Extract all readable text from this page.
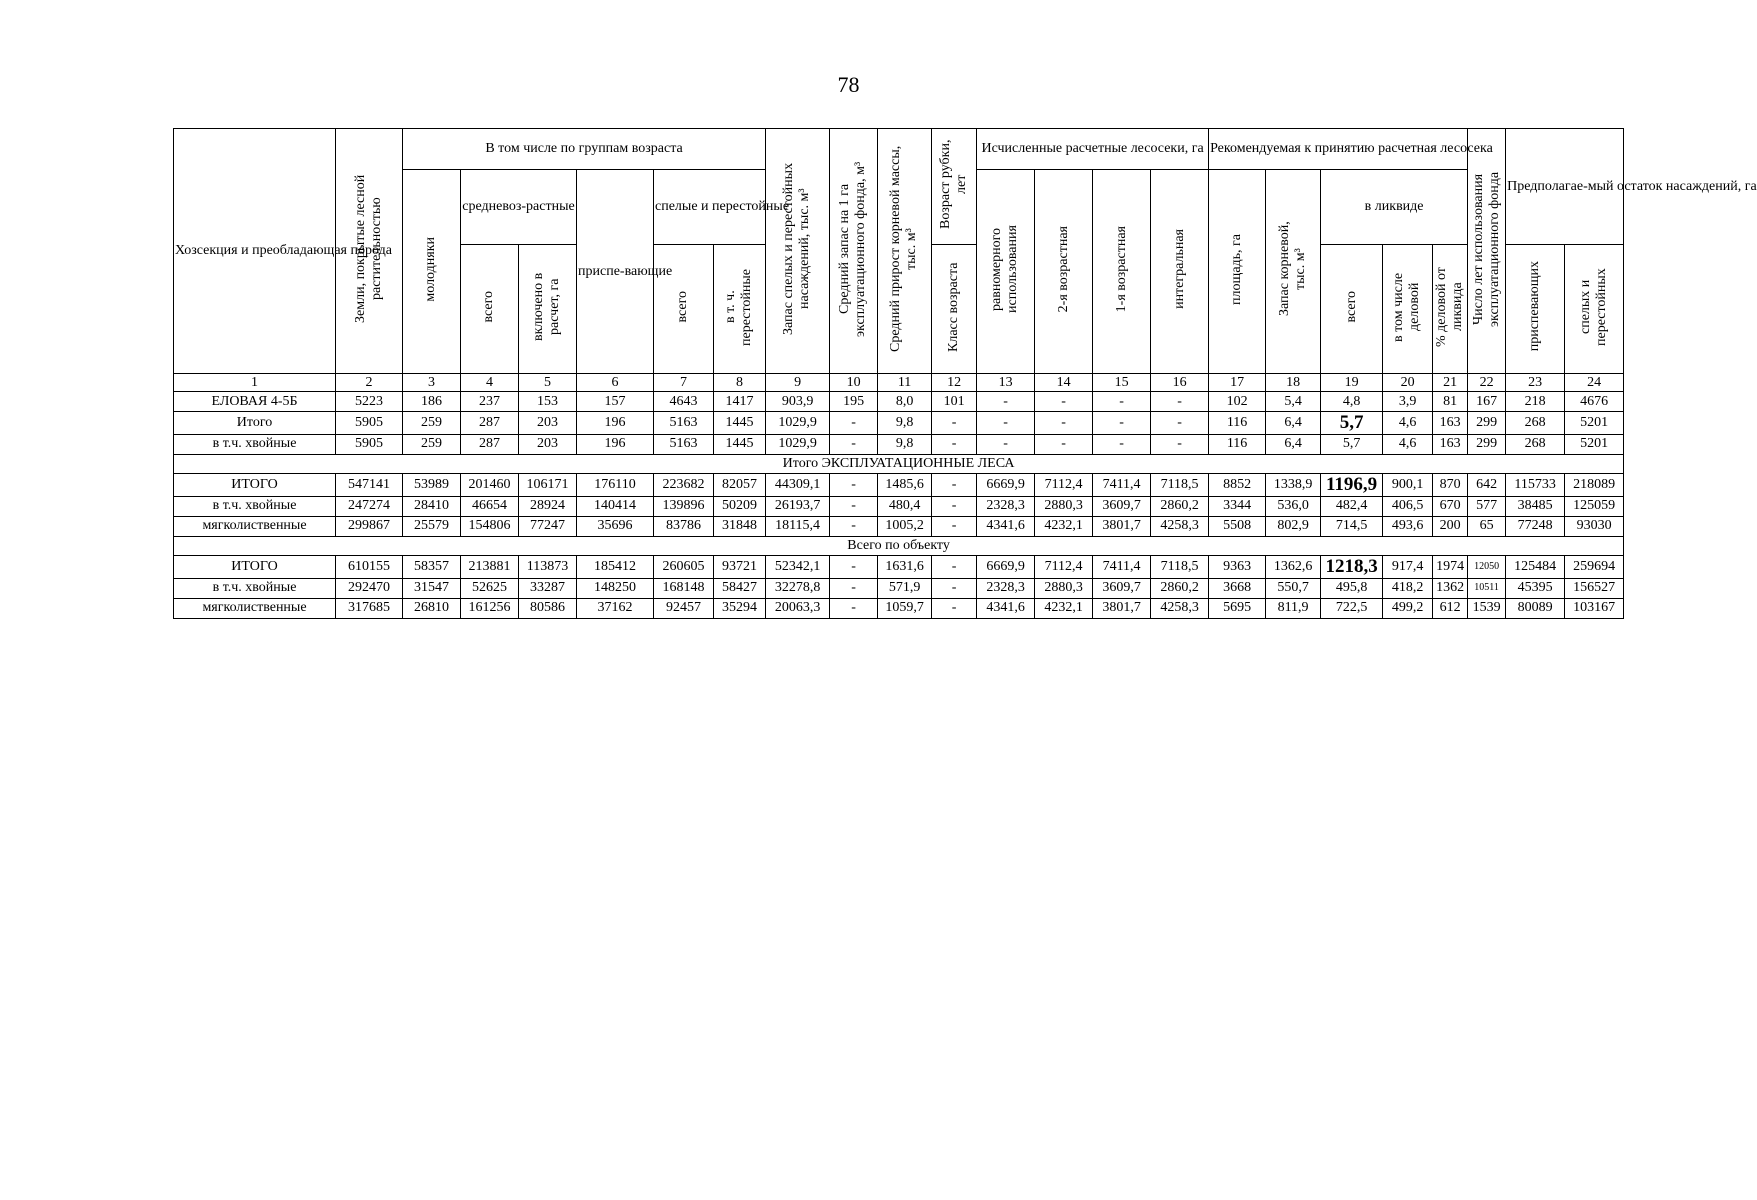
78
Хозсекция и преобладающая порода	Земли, покрытые лесной растительностью	В том числе по группам возраста						Запас спелых и перестойных насаждений, тыс. м³	Средний запас на 1 га эксплуатационного фонда, м³	Средний прирост корневой массы, тыс. м³	Возраст рубки, лет	Исчисленные расчетные лесосеки, га				Рекомендуемая к принятию расчетная лесосека					Число лет использования эксплуатационного фонда	Предполагае-мый остаток насаждений, га	
		молодняки	средневоз-растные		приспе-вающие	спелые и перестойные						равномерного использования	2-я возрастная	1-я возрастная	интегральная	площадь, га	Запас корневой, тыс. м³	в ликвиде					
			всего	включено в расчет, га		всего	в т. ч. перестойные				Класс возраста							всего	в том числе деловой	% деловой от ликвида		приспевающих	спелых и перестойных
1	2	3	4	5	6	7	8	9	10	11	12	13	14	15	16	17	18	19	20	21	22	23	24
ЕЛОВАЯ 4-5Б	5223	186	237	153	157	4643	1417	903,9	195	8,0	101	-	-	-	-	102	5,4	4,8	3,9	81	167	218	4676
Итого	5905	259	287	203	196	5163	1445	1029,9	-	9,8	-	-	-	-	-	116	6,4	5,7	4,6	163	299	268	5201
в т.ч. хвойные	5905	259	287	203	196	5163	1445	1029,9	-	9,8	-	-	-	-	-	116	6,4	5,7	4,6	163	299	268	5201
Итого ЭКСПЛУАТАЦИОННЫЕ ЛЕСА																							
ИТОГО	547141	53989	201460	106171	176110	223682	82057	44309,1	-	1485,6	-	6669,9	7112,4	7411,4	7118,5	8852	1338,9	1196,9	900,1	870	642	115733	218089
в т.ч. хвойные	247274	28410	46654	28924	140414	139896	50209	26193,7	-	480,4	-	2328,3	2880,3	3609,7	2860,2	3344	536,0	482,4	406,5	670	577	38485	125059
мягколиственные	299867	25579	154806	77247	35696	83786	31848	18115,4	-	1005,2	-	4341,6	4232,1	3801,7	4258,3	5508	802,9	714,5	493,6	200	65	77248	93030
Всего по объекту																							
ИТОГО	610155	58357	213881	113873	185412	260605	93721	52342,1	-	1631,6	-	6669,9	7112,4	7411,4	7118,5	9363	1362,6	1218,3	917,4	1974	12050	125484	259694
в т.ч. хвойные	292470	31547	52625	33287	148250	168148	58427	32278,8	-	571,9	-	2328,3	2880,3	3609,7	2860,2	3668	550,7	495,8	418,2	1362	10511	45395	156527
мягколиственные	317685	26810	161256	80586	37162	92457	35294	20063,3	-	1059,7	-	4341,6	4232,1	3801,7	4258,3	5695	811,9	722,5	499,2	612	1539	80089	103167
